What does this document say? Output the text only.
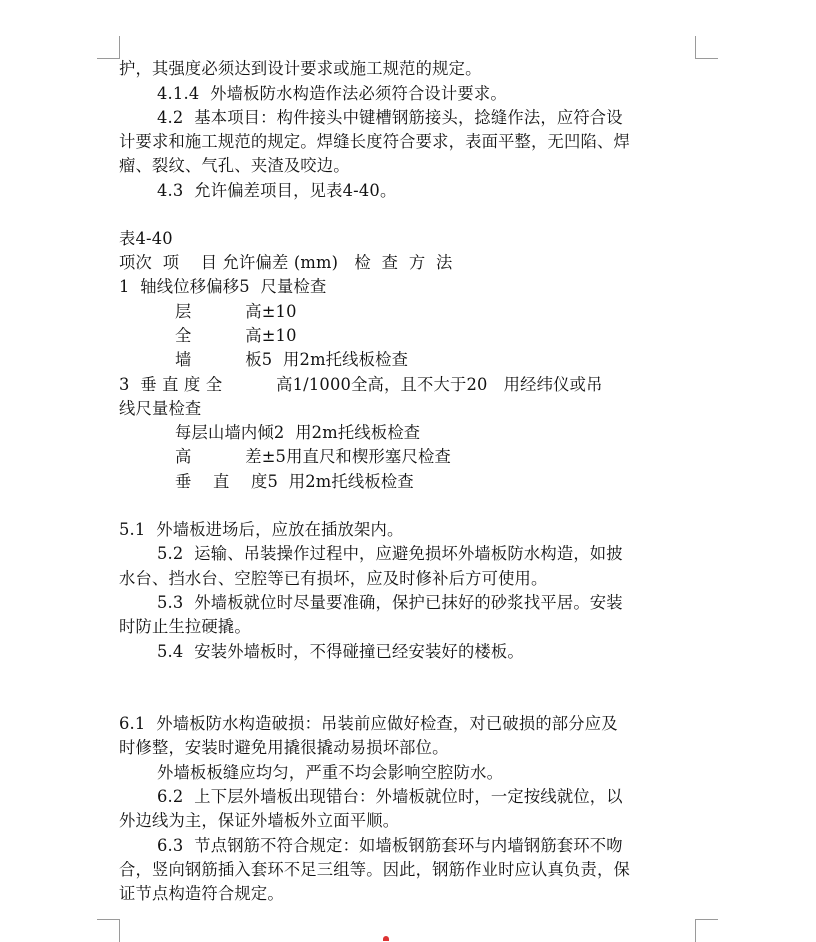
护，其强度必须达到设计要求或施工规范的规定。
4.1.4  外墙板防水构造作法必须符合设计要求。
4.2  基本项目：构件接头中键槽钢筋接头，捻缝作法，应符合设
计要求和施工规范的规定。焊缝长度符合要求，表面平整，无凹陷、焊
瘤、裂纹、气孔、夹渣及咬边。
4.3  允许偏差项目，见表4-40。
表4-40
项次  项    目 允许偏差 (mm)   检  查  方  法
1  轴线位移偏移5  尺量检查
层          高±10
全          高±10
墙          板5  用2m托线板检查
3  垂 直 度 全          高1/1000全高，且不大于20   用经纬仪或吊
线尺量检查
每层山墙内倾2  用2m托线板检查
高          差±5用直尺和楔形塞尺检查
垂    直    度5  用2m托线板检查
5.1  外墙板进场后，应放在插放架内。
5.2  运输、吊装操作过程中，应避免损坏外墙板防水构造，如披
水台、挡水台、空腔等已有损坏，应及时修补后方可使用。
5.3  外墙板就位时尽量要准确，保护已抹好的砂浆找平居。安装
时防止生拉硬撬。
5.4  安装外墙板时，不得碰撞已经安装好的楼板。
6.1  外墙板防水构造破损：吊装前应做好检查，对已破损的部分应及
时修整，安装时避免用撬很撬动易损坏部位。
外墙板板缝应均匀，严重不均会影响空腔防水。
6.2  上下层外墙板出现错台：外墙板就位时，一定按线就位，以
外边线为主，保证外墙板外立面平顺。
6.3  节点钢筋不符合规定：如墙板钢筋套环与内墙钢筋套环不吻
合，竖向钢筋插入套环不足三组等。因此，钢筋作业时应认真负责，保
证节点构造符合规定。
